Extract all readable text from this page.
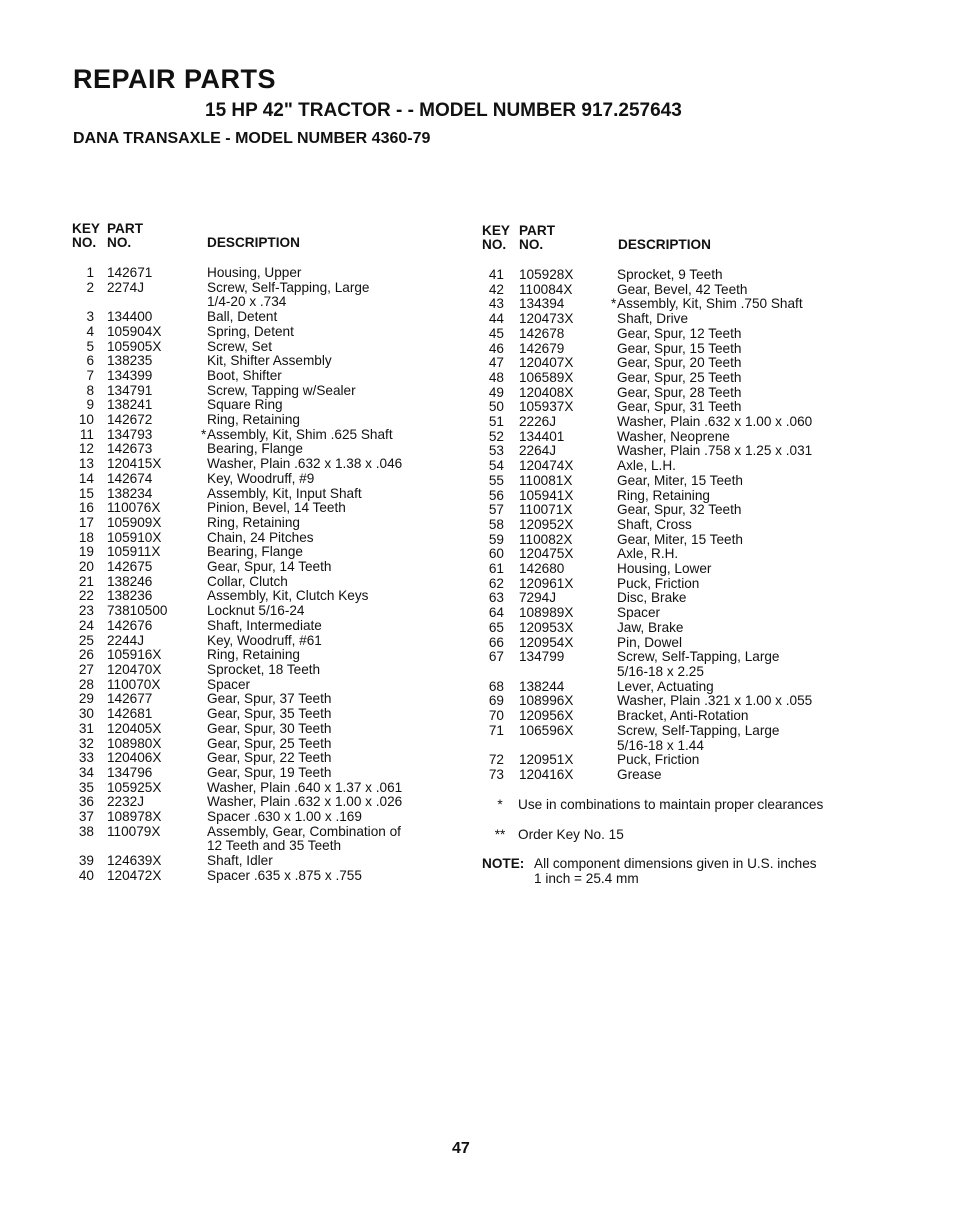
REPAIR PARTS
15 HP 42" TRACTOR - - MODEL NUMBER 917.257643
DANA TRANSAXLE - MODEL NUMBER 4360-79
KEY
NO.
PART
NO.	DESCRIPTION
1 142671	Housing, Upper
2 2274J	Screw, Self-Tapping, Large
1/4-20 x .734
3 134400	Ball, Detent
4 105904X	Spring, Detent
5 105905X	Screw, Set
6 138235	Kit, Shifter Assembly
7 134399	Boot, Shifter
8 134791	Screw, Tapping w/Sealer
9 138241	Square Ring
10 142672	Ring, Retaining
11 134793	*Assembly, Kit, Shim .625 Shaft
12 142673	Bearing, Flange
13 120415X	Washer, Plain .632 x 1.38 x .046
14 142674	Key, Woodruff, #9
15 138234	Assembly, Kit, Input Shaft
16 110076X	Pinion, Bevel, 14 Teeth
17 105909X	Ring, Retaining
18 105910X	Chain, 24 Pitches
19 105911X	Bearing, Flange
20 142675	Gear, Spur, 14 Teeth
21 138246	Collar, Clutch
22 138236	Assembly, Kit, Clutch Keys
23 73810500	Locknut 5/16-24
24 142676	Shaft, Intermediate
25 2244J	Key, Woodruff, #61
26 105916X	Ring, Retaining
27 120470X	Sprocket, 18 Teeth
28 110070X	Spacer
29 142677	Gear, Spur, 37 Teeth
30 142681	Gear, Spur, 35 Teeth
31 120405X	Gear, Spur, 30 Teeth
32 108980X	Gear, Spur, 25 Teeth
33 120406X	Gear, Spur, 22 Teeth
34 134796	Gear, Spur, 19 Teeth
35 105925X	Washer, Plain .640 x 1.37 x .061
36 2232J	Washer, Plain .632 x 1.00 x .026
37 108978X	Spacer .630 x 1.00 x .169
38 110079X	Assembly, Gear, Combination of
12 Teeth and 35 Teeth
39 124639X	Shaft, Idler
40 120472X	Spacer .635 x .875 x .755
KEY
NO.
PART
NO.	DESCRIPTION
41 105928X	Sprocket, 9 Teeth
42 110084X	Gear, Bevel, 42 Teeth
43 134394	*Assembly, Kit, Shim .750 Shaft
44 120473X	Shaft, Drive
45 142678	Gear, Spur, 12 Teeth
46 142679	Gear, Spur, 15 Teeth
47 120407X	Gear, Spur, 20 Teeth
48 106589X	Gear, Spur, 25 Teeth
49 120408X	Gear, Spur, 28 Teeth
50 105937X	Gear, Spur, 31 Teeth
51 2226J	Washer, Plain .632 x 1.00 x .060
52 134401	Washer, Neoprene
53 2264J	Washer, Plain .758 x 1.25 x .031
54 120474X	Axle, L.H.
55 110081X	Gear, Miter, 15 Teeth
56 105941X	Ring, Retaining
57 110071X	Gear, Spur, 32 Teeth
58 120952X	Shaft, Cross
59 110082X	Gear, Miter, 15 Teeth
60 120475X	Axle, R.H.
61 142680	Housing, Lower
62 120961X	Puck, Friction
63 7294J	Disc, Brake
64 108989X	Spacer
65 120953X	Jaw, Brake
66 120954X	Pin, Dowel
67 134799	Screw, Self-Tapping, Large
5/16-18 x 2.25
68 138244	Lever, Actuating
69 108996X	Washer, Plain .321 x 1.00 x .055
70 120956X	Bracket, Anti-Rotation
71 106596X	Screw, Self-Tapping, Large
5/16-18 x 1.44
72 120951X	Puck, Friction
73 120416X	Grease
*	Use in combinations to maintain proper clearances
** Order Key No. 15
NOTE: All component dimensions given in U.S. inches
1 inch = 25.4 mm
47
